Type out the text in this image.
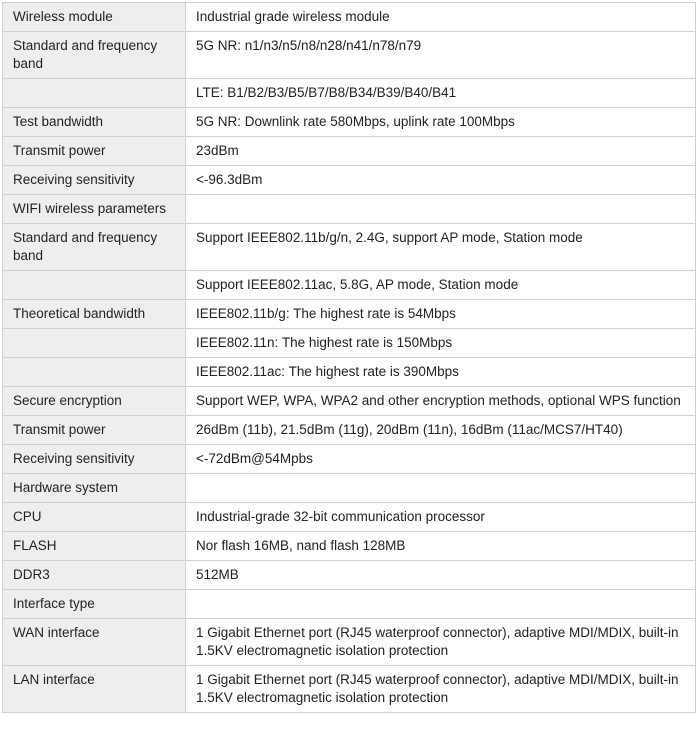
Wireless module	Industrial grade wireless module
Standard and frequency band	5G NR: n1/n3/n5/n8/n28/n41/n78/n79
	LTE: B1/B2/B3/B5/B7/B8/B34/B39/B40/B41
Test bandwidth	5G NR: Downlink rate 580Mbps, uplink rate 100Mbps
Transmit power	23dBm
Receiving sensitivity	<-96.3dBm
WIFI wireless parameters	
Standard and frequency band	Support IEEE802.11b/g/n, 2.4G, support AP mode, Station mode
	Support IEEE802.11ac, 5.8G, AP mode, Station mode
Theoretical bandwidth	IEEE802.11b/g: The highest rate is 54Mbps
	IEEE802.11n: The highest rate is 150Mbps
	IEEE802.11ac: The highest rate is 390Mbps
Secure encryption	Support WEP, WPA, WPA2 and other encryption methods, optional WPS function
Transmit power	26dBm (11b), 21.5dBm (11g), 20dBm (11n), 16dBm (11ac/MCS7/HT40)
Receiving sensitivity	<-72dBm@54Mpbs
Hardware system	
CPU	Industrial-grade 32-bit communication processor
FLASH	Nor flash 16MB, nand flash 128MB
DDR3	512MB
Interface type	
WAN interface	1 Gigabit Ethernet port (RJ45 waterproof connector), adaptive MDI/MDIX, built-in 1.5KV electromagnetic isolation protection
LAN interface	1 Gigabit Ethernet port (RJ45 waterproof connector), adaptive MDI/MDIX, built-in 1.5KV electromagnetic isolation protection
